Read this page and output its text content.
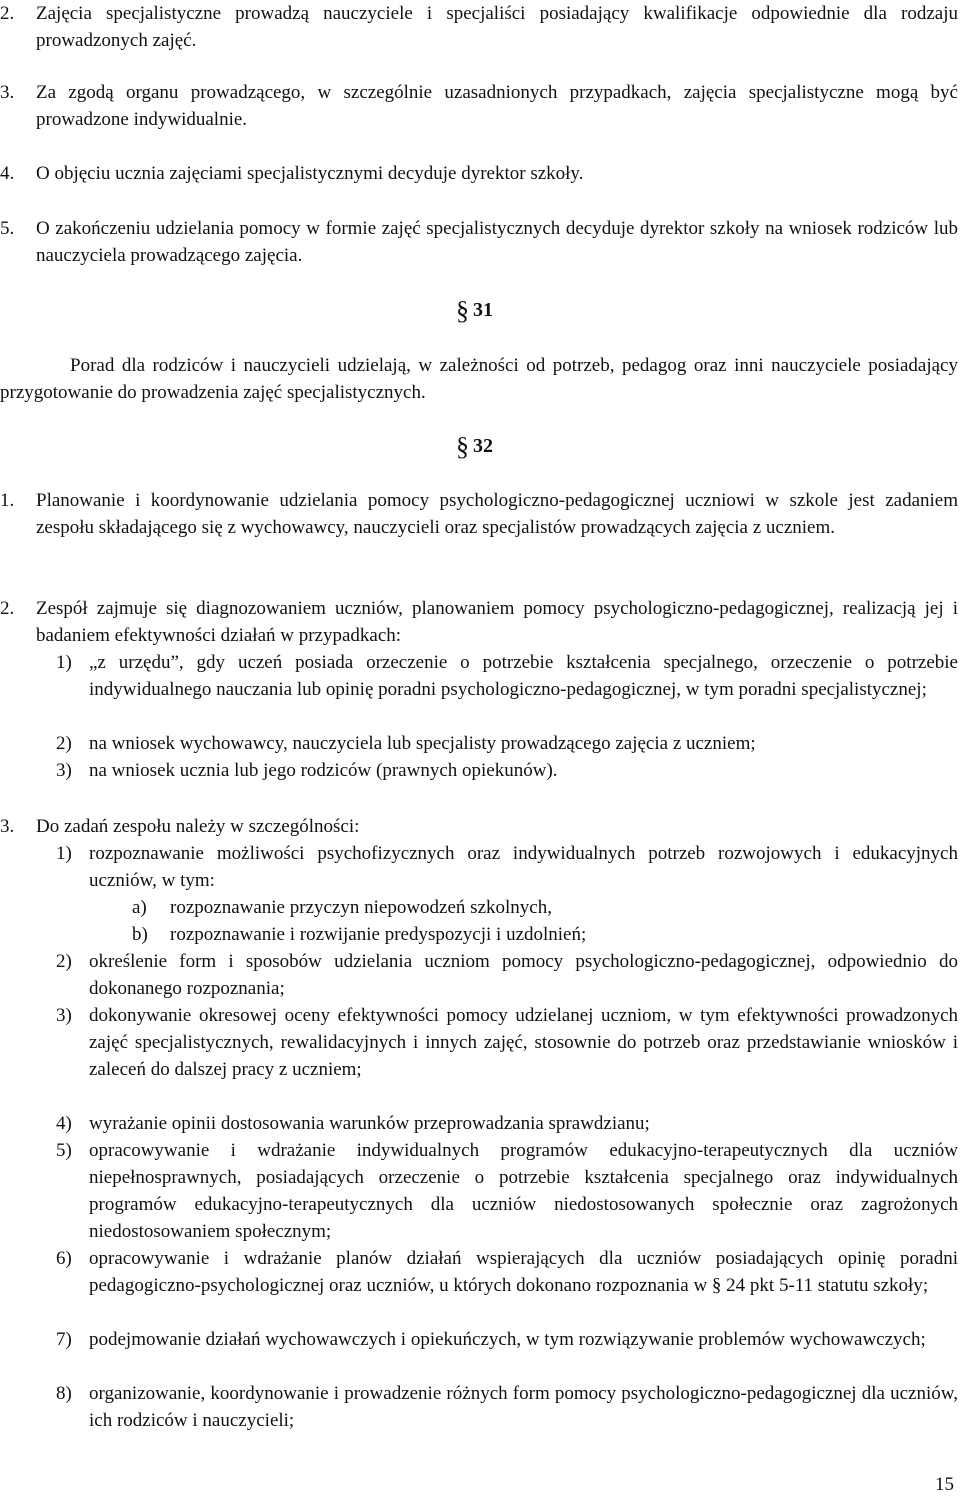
2. Zajęcia specjalistyczne prowadzą nauczyciele i specjaliści posiadający kwalifikacje odpowiednie dla rodzaju prowadzonych zajęć.
3. Za zgodą organu prowadzącego, w szczególnie uzasadnionych przypadkach, zajęcia specjalistyczne mogą być prowadzone indywidualnie.
4. O objęciu ucznia zajęciami specjalistycznymi decyduje dyrektor szkoły.
5. O zakończeniu udzielania pomocy w formie zajęć specjalistycznych decyduje dyrektor szkoły na wniosek rodziców lub nauczyciela prowadzącego zajęcia.
§ 31
Porad dla rodziców i nauczycieli udzielają, w zależności od potrzeb, pedagog oraz inni nauczyciele posiadający przygotowanie do prowadzenia zajęć specjalistycznych.
§ 32
1. Planowanie i koordynowanie udzielania pomocy psychologiczno-pedagogicznej uczniowi w szkole jest zadaniem zespołu składającego się z wychowawcy, nauczycieli oraz specjalistów prowadzących zajęcia z uczniem.
2. Zespół zajmuje się diagnozowaniem uczniów, planowaniem pomocy psychologiczno-pedagogicznej, realizacją jej i badaniem efektywności działań w przypadkach:
1) „z urzędu”, gdy uczeń posiada orzeczenie o potrzebie kształcenia specjalnego, orzeczenie o potrzebie indywidualnego nauczania lub opinię poradni psychologiczno-pedagogicznej, w tym poradni specjalistycznej;
2) na wniosek wychowawcy, nauczyciela lub specjalisty prowadzącego zajęcia z uczniem;
3) na wniosek ucznia lub jego rodziców (prawnych opiekunów).
3. Do zadań zespołu należy w szczególności:
1) rozpoznawanie możliwości psychofizycznych oraz indywidualnych potrzeb rozwojowych i edukacyjnych uczniów, w tym:
a) rozpoznawanie przyczyn niepowodzeń szkolnych,
b) rozpoznawanie i rozwijanie predyspozycji i uzdolnień;
2) określenie form i sposobów udzielania uczniom pomocy psychologiczno-pedagogicznej, odpowiednio do dokonanego rozpoznania;
3) dokonywanie okresowej oceny efektywności pomocy udzielanej uczniom, w tym efektywności prowadzonych zajęć specjalistycznych, rewalidacyjnych i innych zajęć, stosownie do potrzeb oraz przedstawianie wniosków i zaleceń do dalszej pracy z uczniem;
4) wyrażanie opinii dostosowania warunków przeprowadzania sprawdzianu;
5) opracowywanie i wdrażanie indywidualnych programów edukacyjno-terapeutycznych dla uczniów niepełnosprawnych, posiadających orzeczenie o potrzebie kształcenia specjalnego oraz indywidualnych programów edukacyjno-terapeutycznych dla uczniów niedostosowanych społecznie oraz zagrożonych niedostosowaniem społecznym;
6) opracowywanie i wdrażanie planów działań wspierających dla uczniów posiadających opinię poradni pedagogiczno-psychologicznej oraz uczniów, u których dokonano rozpoznania w § 24 pkt 5-11 statutu szkoły;
7) podejmowanie działań wychowawczych i opiekuńczych, w tym rozwiązywanie problemów wychowawczych;
8) organizowanie, koordynowanie i prowadzenie różnych form pomocy psychologiczno-pedagogicznej dla uczniów, ich rodziców i nauczycieli;
15
